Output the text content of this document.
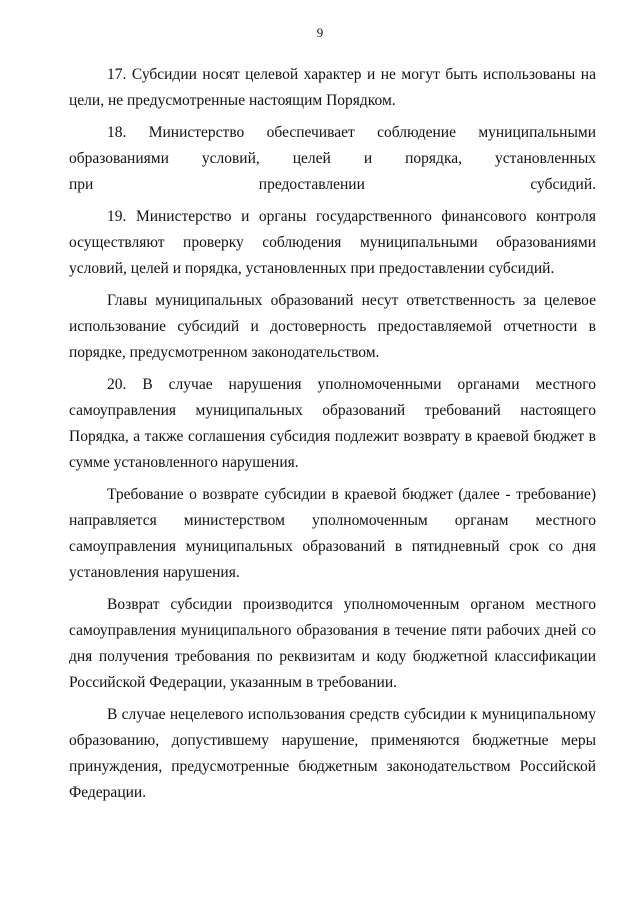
9

17. Субсидии носят целевой характер и не могут быть использованы на цели, не предусмотренные настоящим Порядком.

18. Министерство обеспечивает соблюдение муниципальными образованиями условий, целей и порядка, установленных
при предоставлении субсидий.

19. Министерство и органы государственного финансового контроля осуществляют проверку соблюдения муниципальными образованиями условий, целей и порядка, установленных при предоставлении субсидий.

Главы муниципальных образований несут ответственность за целевое использование субсидий и достоверность предоставляемой отчетности в порядке, предусмотренном законодательством.

20. В случае нарушения уполномоченными органами местного самоуправления муниципальных образований требований настоящего Порядка, а также соглашения субсидия подлежит возврату в краевой бюджет в сумме установленного нарушения.

Требование о возврате субсидии в краевой бюджет (далее - требование) направляется министерством уполномоченным органам местного самоуправления муниципальных образований в пятидневный срок со дня установления нарушения.

Возврат субсидии производится уполномоченным органом местного самоуправления муниципального образования в течение пяти рабочих дней со дня получения требования по реквизитам и коду бюджетной классификации Российской Федерации, указанным в требовании.

В случае нецелевого использования средств субсидии к муниципальному образованию, допустившему нарушение, применяются бюджетные меры принуждения, предусмотренные бюджетным законодательством Российской Федерации.
